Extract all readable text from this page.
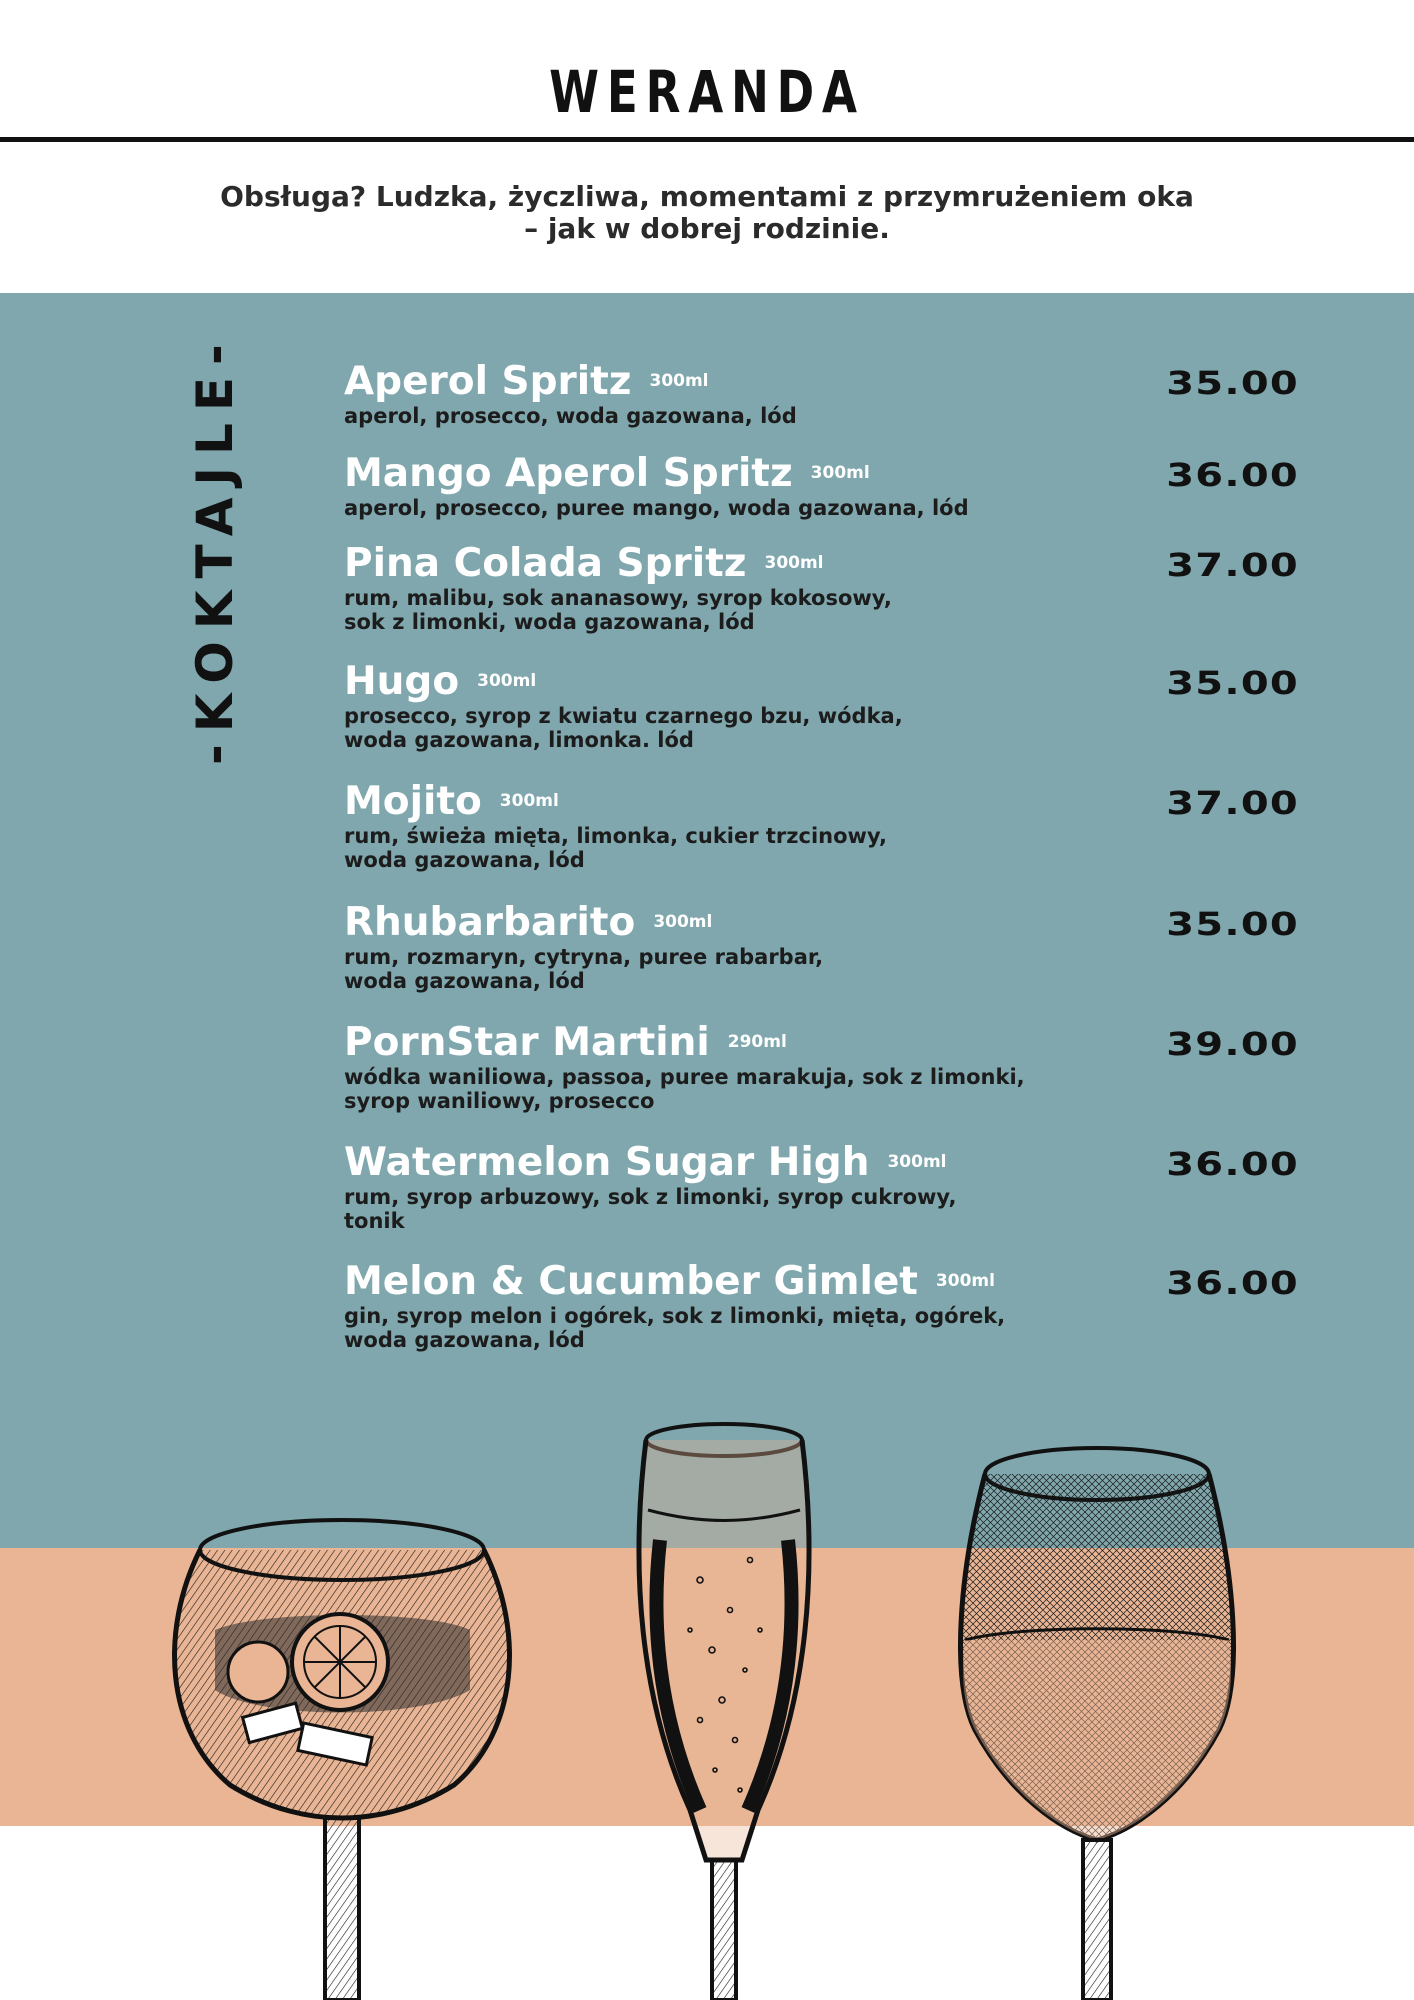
WERANDA
Obsługa? Ludzka, życzliwa, momentami z przymrużeniem oka
– jak w dobrej rodzinie.
-KOKTAJLE-	Aperol Spritz 300ml
aperol, prosecco, woda gazowana, lód
35.00
Mango Aperol Spritz 300ml
aperol, prosecco, puree mango, woda gazowana, lód
36.00
Pina Colada Spritz 300ml
rum, malibu, sok ananasowy, syrop kokosowy,
sok z limonki, woda gazowana, lód
37.00
Hugo 300ml
prosecco, syrop z kwiatu czarnego bzu, wódka,
woda gazowana, limonka. lód
35.00
Mojito 300ml
rum, świeża mięta, limonka, cukier trzcinowy,
woda gazowana, lód
37.00
Rhubarbarito 300ml
rum, rozmaryn, cytryna, puree rabarbar,
woda gazowana, lód
35.00
PornStar Martini 290ml
wódka waniliowa, passoa, puree marakuja, sok z limonki,
syrop waniliowy, prosecco
39.00
Watermelon Sugar High 300ml
rum, syrop arbuzowy, sok z limonki, syrop cukrowy,
tonik
36.00
Melon & Cucumber Gimlet 300ml
gin, syrop melon i ogórek, sok z limonki, mięta, ogórek,
woda gazowana, lód
36.00
